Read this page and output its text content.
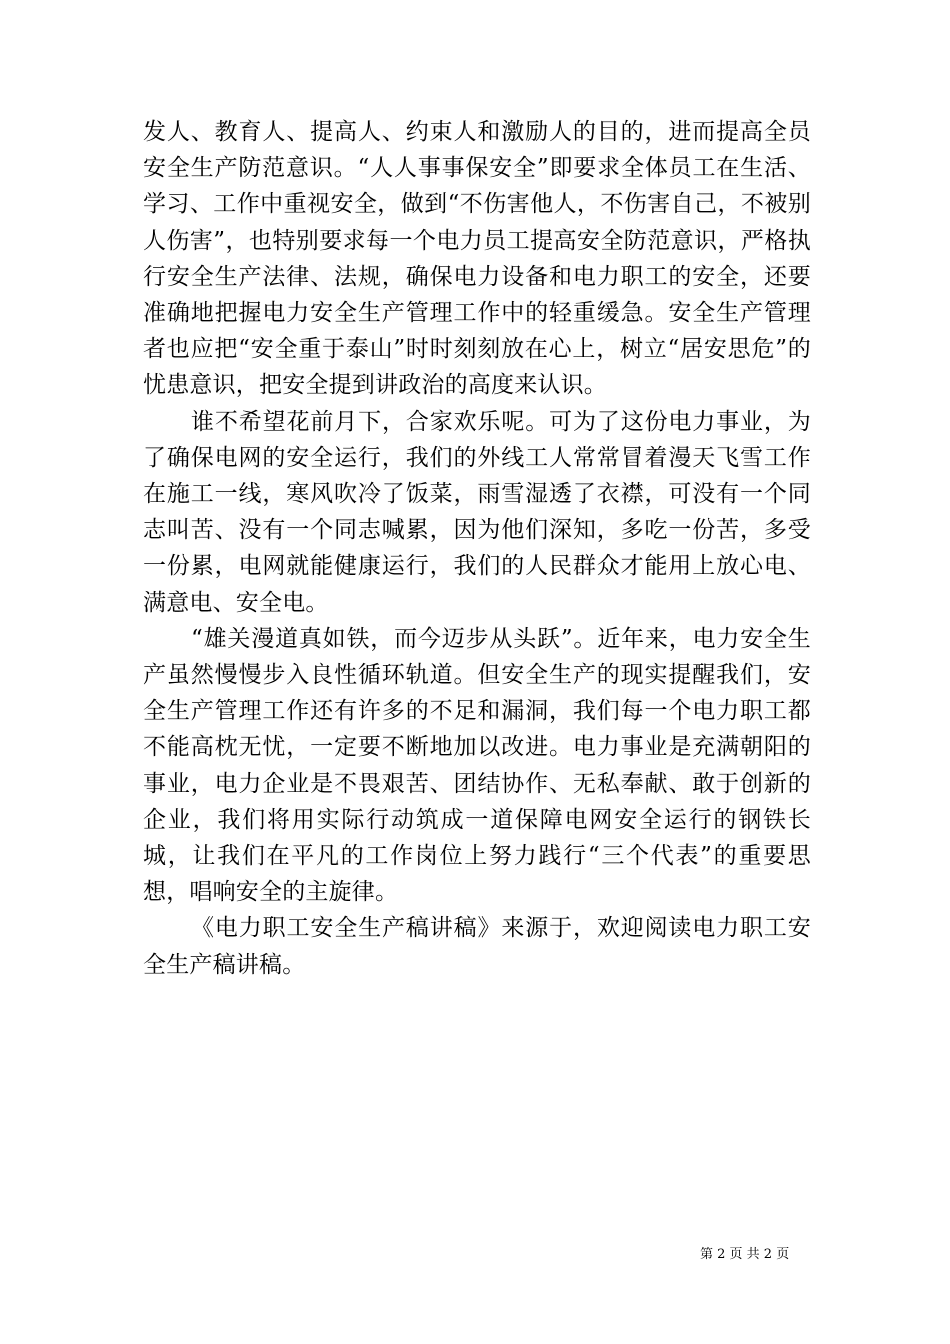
发人、教育人、提高人、约束人和激励人的目的，进而提高全员安全生产防范意识。“人人事事保安全”即要求全体员工在生活、学习、工作中重视安全，做到“不伤害他人，不伤害自己，不被别人伤害”，也特别要求每一个电力员工提高安全防范意识，严格执行安全生产法律、法规，确保电力设备和电力职工的安全，还要准确地把握电力安全生产管理工作中的轻重缓急。安全生产管理者也应把“安全重于泰山”时时刻刻放在心上，树立“居安思危”的忧患意识，把安全提到讲政治的高度来认识。

谁不希望花前月下，合家欢乐呢。可为了这份电力事业，为了确保电网的安全运行，我们的外线工人常常冒着漫天飞雪工作在施工一线，寒风吹冷了饭菜，雨雪湿透了衣襟，可没有一个同志叫苦、没有一个同志喊累，因为他们深知，多吃一份苦，多受一份累，电网就能健康运行，我们的人民群众才能用上放心电、满意电、安全电。

“雄关漫道真如铁，而今迈步从头跃”。近年来，电力安全生产虽然慢慢步入良性循环轨道。但安全生产的现实提醒我们，安全生产管理工作还有许多的不足和漏洞，我们每一个电力职工都不能高枕无忧，一定要不断地加以改进。电力事业是充满朝阳的事业，电力企业是不畏艰苦、团结协作、无私奉献、敢于创新的企业，我们将用实际行动筑成一道保障电网安全运行的钢铁长城，让我们在平凡的工作岗位上努力践行“三个代表”的重要思想，唱响安全的主旋律。

《电力职工安全生产稿讲稿》来源于，欢迎阅读电力职工安全生产稿讲稿。

第 2 页 共 2 页
